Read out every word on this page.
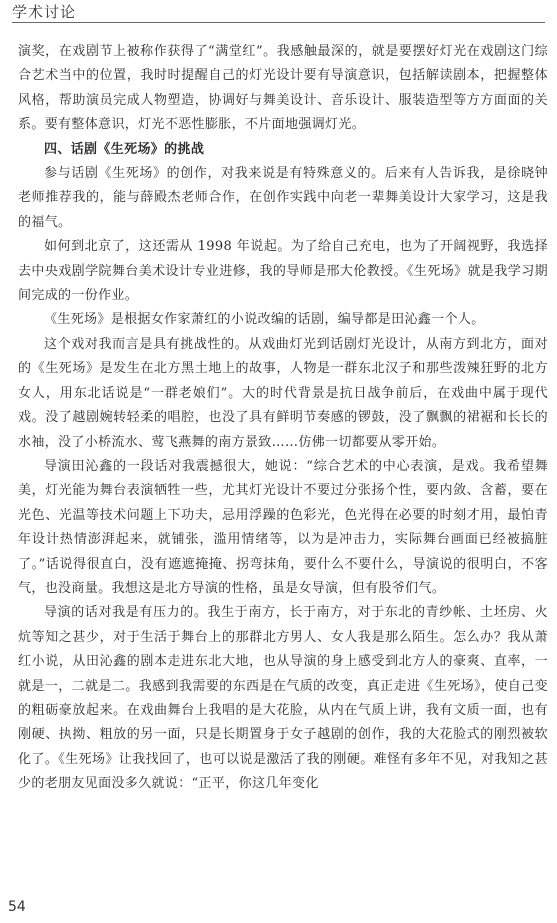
学术讨论

演奖，在戏剧节上被称作获得了“满堂红”。我感触最深的，就是要摆好灯光在戏剧这门综合艺术当中的位置，我时时提醒自己的灯光设计要有导演意识，包括解读剧本，把握整体风格，帮助演员完成人物塑造，协调好与舞美设计、音乐设计、服装造型等方方面面的关系。要有整体意识，灯光不恶性膨胀，不片面地强调灯光。

四、话剧《生死场》的挑战

参与话剧《生死场》的创作，对我来说是有特殊意义的。后来有人告诉我，是徐晓钟老师推荐我的，能与薛殿杰老师合作，在创作实践中向老一辈舞美设计大家学习，这是我的福气。

如何到北京了，这还需从 1998 年说起。为了给自己充电，也为了开阔视野，我选择去中央戏剧学院舞台美术设计专业进修，我的导师是邢大伦教授。《生死场》就是我学习期间完成的一份作业。

《生死场》是根据女作家萧红的小说改编的话剧，编导都是田沁鑫一个人。

这个戏对我而言是具有挑战性的。从戏曲灯光到话剧灯光设计，从南方到北方，面对的《生死场》是发生在北方黑土地上的故事，人物是一群东北汉子和那些泼辣狂野的北方女人，用东北话说是“一群老娘们”。大的时代背景是抗日战争前后，在戏曲中属于现代戏。没了越剧婉转轻柔的唱腔，也没了具有鲜明节奏感的锣鼓，没了飘飘的裙裾和长长的水袖，没了小桥流水、莺飞燕舞的南方景致……仿佛一切都要从零开始。

导演田沁鑫的一段话对我震撼很大，她说：“综合艺术的中心表演，是戏。我希望舞美，灯光能为舞台表演牺牲一些，尤其灯光设计不要过分张扬个性，要内敛、含蓄，要在光色、光温等技术问题上下功夫，忌用浮躁的色彩光，色光得在必要的时刻才用，最怕青年设计热情澎湃起来，就铺张，滥用情绪等，以为是冲击力，实际舞台画面已经被搞脏了。”话说得很直白，没有遮遮掩掩、拐弯抹角，要什么不要什么，导演说的很明白，不客气，也没商量。我想这是北方导演的性格，虽是女导演，但有股爷们气。

导演的话对我是有压力的。我生于南方，长于南方，对于东北的青纱帐、土坯房、火炕等知之甚少，对于生活于舞台上的那群北方男人、女人我是那么陌生。怎么办？我从萧红小说，从田沁鑫的剧本走进东北大地，也从导演的身上感受到北方人的豪爽、直率，一就是一，二就是二。我感到我需要的东西是在气质的改变，真正走进《生死场》，使自己变的粗砺豪放起来。在戏曲舞台上我唱的是大花脸，从内在气质上讲，我有文质一面，也有刚硬、执拗、粗放的另一面，只是长期置身于女子越剧的创作，我的大花脸式的刚烈被软化了。《生死场》让我找回了，也可以说是激活了我的刚硬。难怪有多年不见，对我知之甚少的老朋友见面没多久就说：“正平，你这几年变化

54
